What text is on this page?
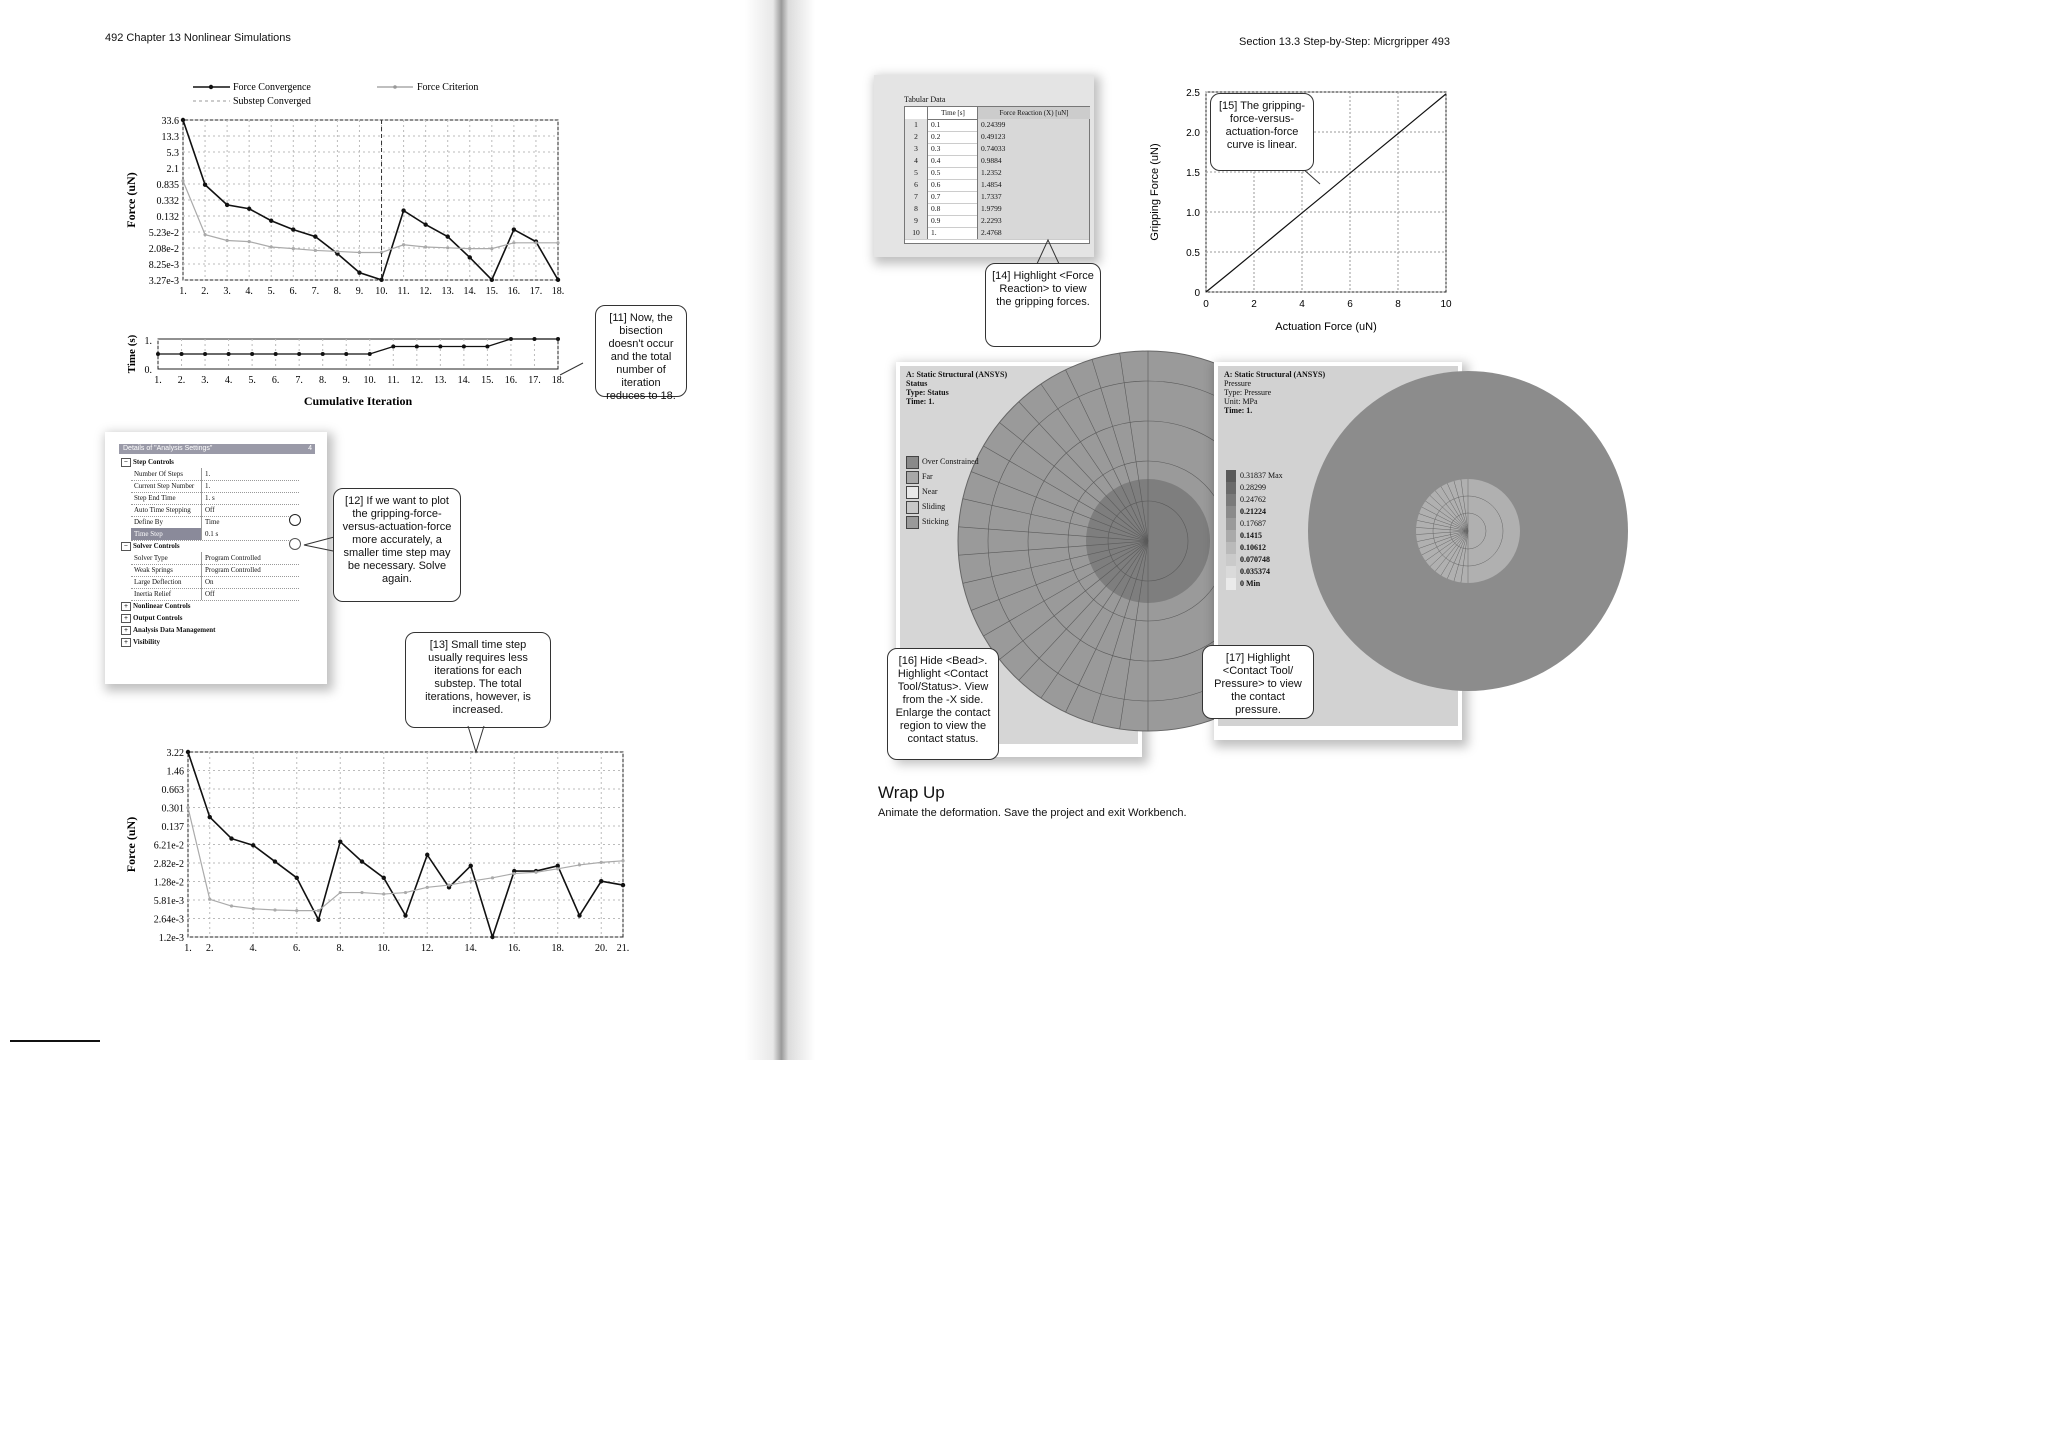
492 Chapter 13 Nonlinear Simulations
Force Convergence	Force Criterion
Substep Converged
33.6
13.3
5.3
2.1
0.835
0.332
0.132
5.23e-2
2.08e-2
8.25e-3
3.27e-3
1. 2. 3. 4. 5. 6. 7. 8. 9. 10. 11. 12. 13. 14. 15. 16. 17. 18.
Force (uN)
1. 2. 3. 4. 5. 6. 7. 8. 9. 10. 11. 12. 13. 14. 15. 16. 17. 18.
1.
0.
Time (s)
Cumulative Iteration
[11] Now, the bisection doesn't occur and the total number of iteration reduces to 18.
Details of "Analysis Settings"	4
− Step Controls
Number Of Steps	1.
Current Step Number	1.
Step End Time	1. s
Auto Time Stepping	Off
Define By	Time
Time Step	0.1 s
− Solver Controls
Solver Type	Program Controlled
Weak Springs	Program Controlled
Large Deflection	On
Inertia Relief	Off
+ Nonlinear Controls
+ Output Controls
+ Analysis Data Management
+ Visibility
[12] If we want to plot the gripping-force-versus-actuation-force more accurately, a smaller time step may be necessary. Solve again.
[13] Small time step usually requires less iterations for each substep. The total iterations, however, is increased.
3.22
1.46
0.663
0.301
0.137
6.21e-2
2.82e-2
1.28e-2
5.81e-3
2.64e-3
1.2e-3
1. 2.	4.	6.	8.	10.	12.	14.	16.	18.	20. 21.
Force (uN)
Section 13.3 Step-by-Step: Micrgripper 493
Tabular Data
Time [s]	Force Reaction (X) [uN]
1	0.1	0.24399
2	0.2	0.49123
3	0.3	0.74033
4	0.4	0.9884
5	0.5	1.2352
6	0.6	1.4854
7	0.7	1.7337
8	0.8	1.9799
9	0.9	2.2293
10	1.	2.4768
[14] Highlight <Force Reaction> to view the gripping forces.	0	2	4	6	8	10
0
0.5
1.0
1.5
2.0
2.5
Actuation Force (uN)
Gripping Force (uN)
[15] The gripping-force-versus-actuation-force curve is linear.
A: Static Structural (ANSYS)
Status
Type: Status
Time: 1.
Over Constrained
Far
Near
Sliding
Sticking
[16] Hide <Bead>. Highlight <Contact Tool/Status>. View from the -X side. Enlarge the contact region to view the contact status.
A: Static Structural (ANSYS)
Pressure
Type: Pressure
Unit: MPa
Time: 1.
0.31837 Max
0.28299
0.24762
0.21224
0.17687
0.1415
0.10612
0.070748
0.035374
0 Min
[17] Highlight <Contact Tool/ Pressure> to view the contact pressure.
Wrap Up
Animate the deformation. Save the project and exit Workbench.
